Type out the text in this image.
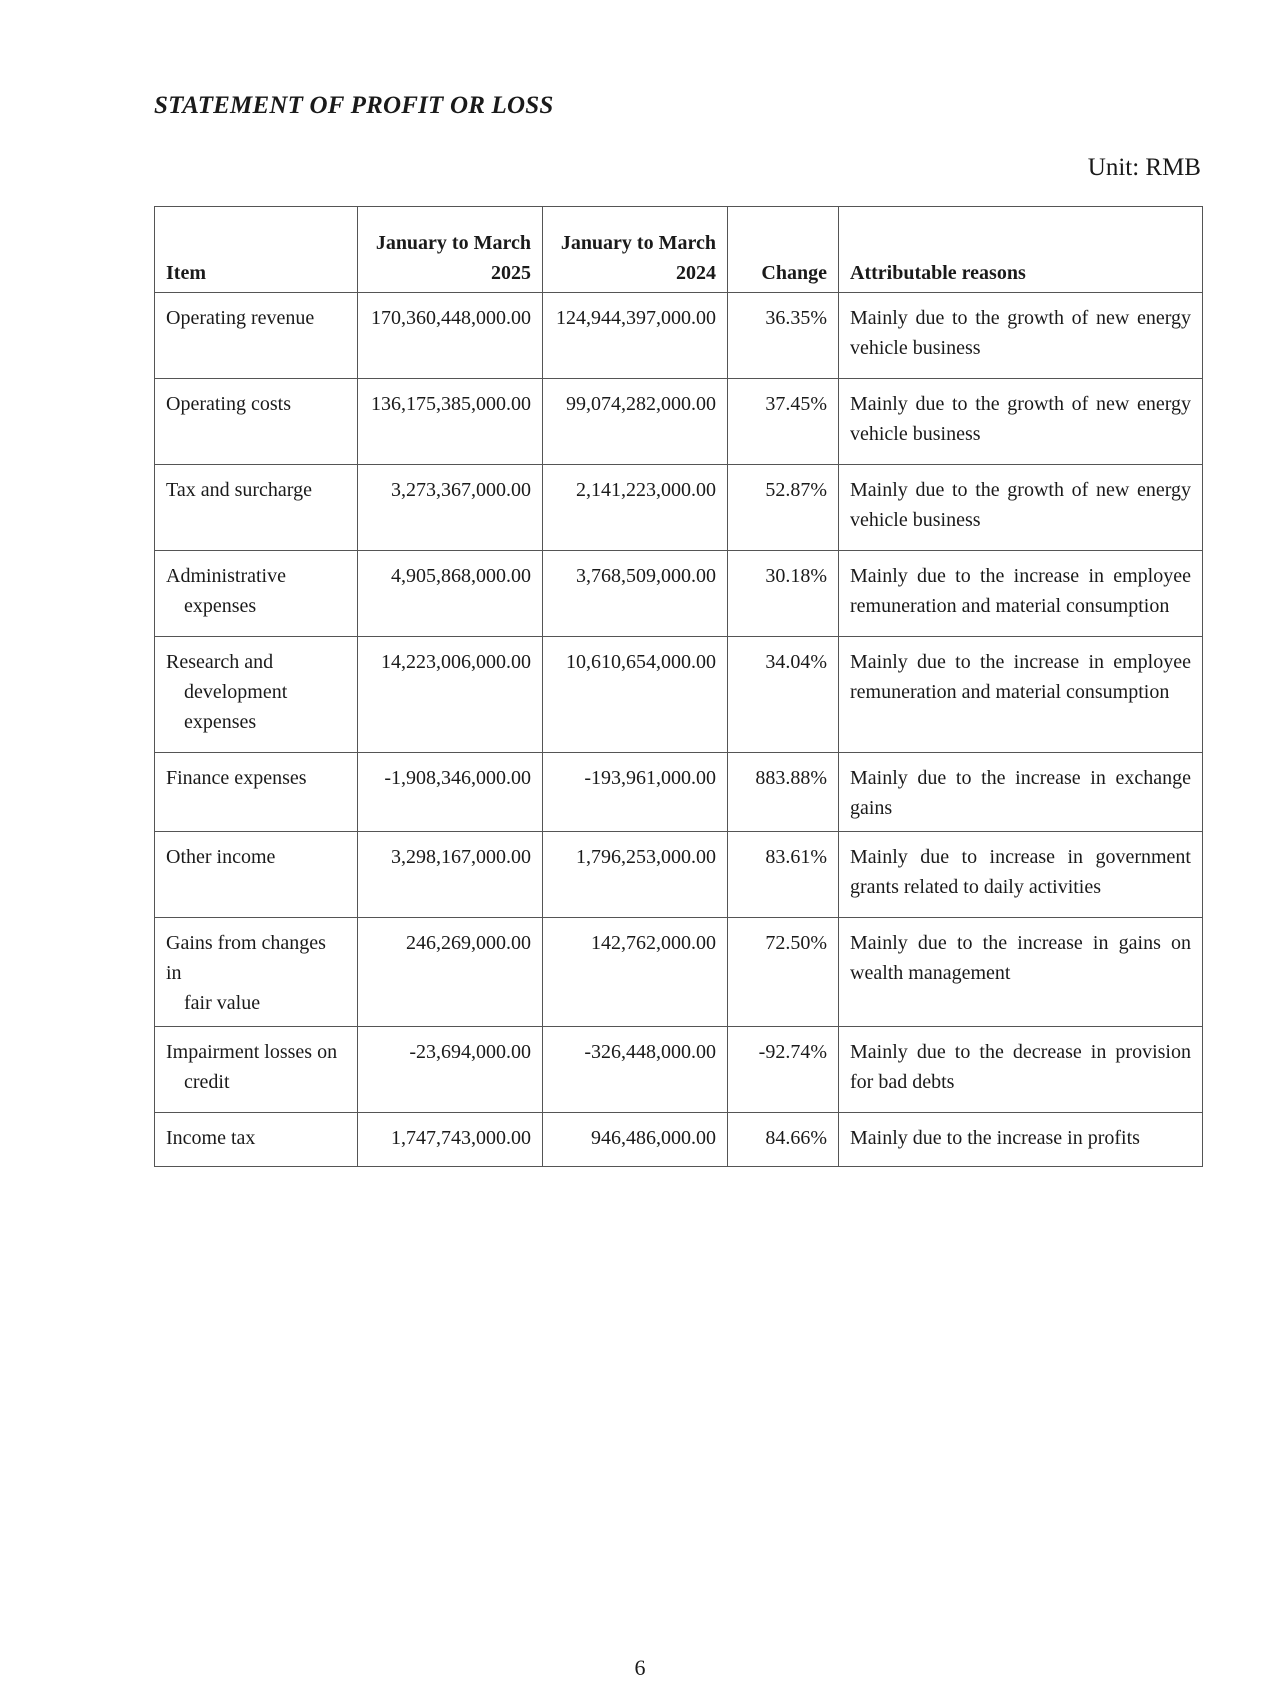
STATEMENT OF PROFIT OR LOSS
Unit: RMB
Item	January to March 2025	January to March 2024	Change	Attributable reasons
Operating revenue	170,360,448,000.00	124,944,397,000.00	36.35%	Mainly due to the growth of new energy vehicle business
Operating costs	136,175,385,000.00	99,074,282,000.00	37.45%	Mainly due to the growth of new energy vehicle business
Tax and surcharge	3,273,367,000.00	2,141,223,000.00	52.87%	Mainly due to the growth of new energy vehicle business
Administrative
expenses	4,905,868,000.00	3,768,509,000.00	30.18%	Mainly due to the increase in employee remuneration and material consumption
Research and
development
expenses	14,223,006,000.00	10,610,654,000.00	34.04%	Mainly due to the increase in employee remuneration and material consumption
Finance expenses	-1,908,346,000.00	-193,961,000.00	883.88%	Mainly due to the increase in exchange gains
Other income	3,298,167,000.00	1,796,253,000.00	83.61%	Mainly due to increase in government grants related to daily activities
Gains from changes in
fair value	246,269,000.00	142,762,000.00	72.50%	Mainly due to the increase in gains on wealth management
Impairment losses on
credit	-23,694,000.00	-326,448,000.00	-92.74%	Mainly due to the decrease in provision for bad debts
Income tax	1,747,743,000.00	946,486,000.00	84.66%	Mainly due to the increase in profits
6
